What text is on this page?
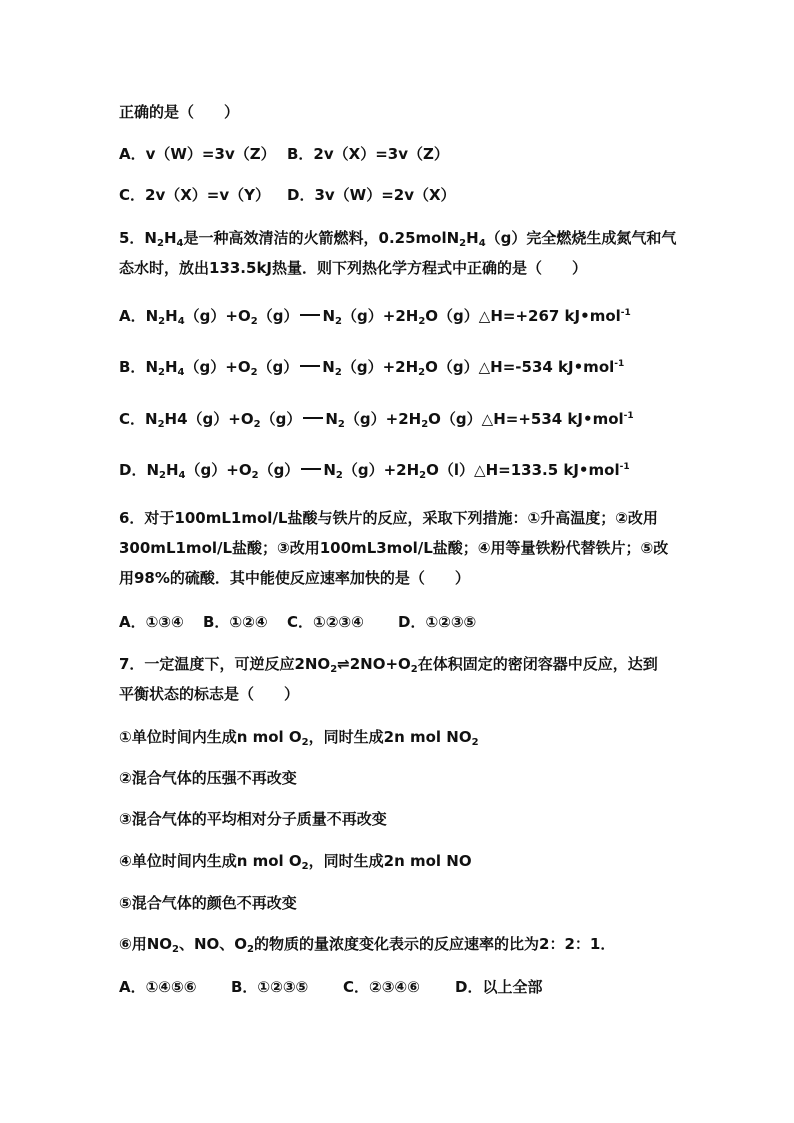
正确的是（　　）
A．v（W）=3v（Z） B．2v（X）=3v（Z）
C．2v（X）=v（Y） D．3v（W）=2v（X）
5．$N_2H_4$是一种高效清洁的火箭燃料，$0.25molN_2H_4(g)$完全燃烧生成氮气和气
态水时，放出133.5kJ热量．则下列热化学方程式中正确的是（　　）
A．$N_2H_4(g)+O_2(g)$ $N_2(g)+2H_2O(g)\triangle H=+267$ kJ•mol$^{-1}$
B．$N_2H_4(g)+O_2(g)$ $N_2(g)+2H_2O(g)\triangle H=-534$ kJ•mol$^{-1}$
C．$N_2H4(g)+O_2(g)$ $N_2(g)+2H_2O(g)\triangle H=+534$ kJ•mol$^{-1}$
D．$N_2H_4(g)+O_2(g)$ $N_2(g)+2H_2O(l)\triangle H=133.5$ kJ•mol$^{-1}$
6．对于100mL1mol/L盐酸与铁片的反应，采取下列措施：①升高温度；②改用
300mL1mol/L盐酸；③改用100mL3mol/L盐酸；④用等量铁粉代替铁片；⑤改
用98%的硫酸．其中能使反应速率加快的是（　　）
A．①③④ B．①②④ C．①②③④ D．①②③⑤
7．一定温度下，可逆反应$2NO_2\rightleftharpoons 2NO+O_2$在体积固定的密闭容器中反应，达到
平衡状态的标志是（　　）
①单位时间内生成n mol $O_2$，同时生成2n mol $NO_2$
②混合气体的压强不再改变
③混合气体的平均相对分子质量不再改变
④单位时间内生成n mol $O_2$，同时生成2n mol NO
⑤混合气体的颜色不再改变
⑥用$NO_2$、NO、$O_2$的物质的量浓度变化表示的反应速率的比为2：2：1．
A．①④⑤⑥ B．①②③⑤ C．②③④⑥ D．以上全部
